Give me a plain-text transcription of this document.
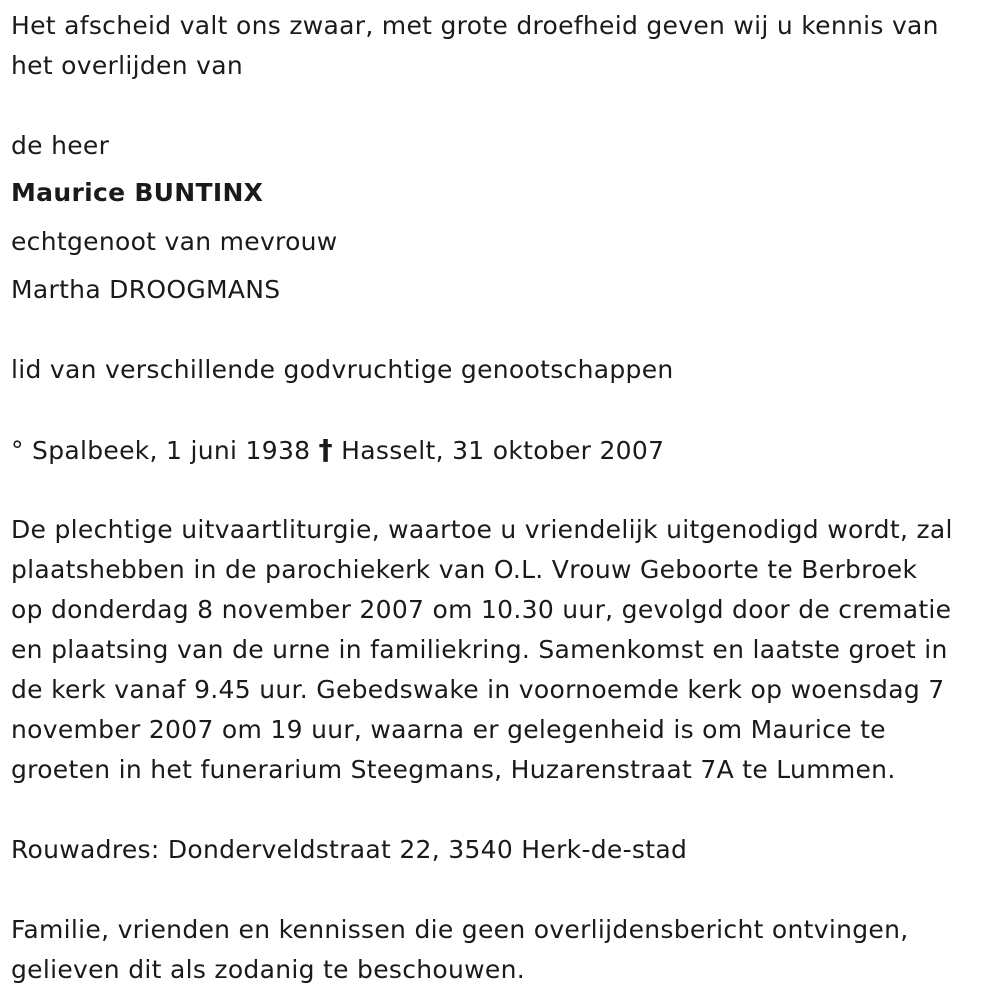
Het afscheid valt ons zwaar, met grote droefheid geven wij u kennis van
het overlijden van
de heer
Maurice BUNTINX
echtgenoot van mevrouw
Martha DROOGMANS
lid van verschillende godvruchtige genootschappen
° Spalbeek, 1 juni 1938 † Hasselt, 31 oktober 2007
De plechtige uitvaartliturgie, waartoe u vriendelijk uitgenodigd wordt, zal
plaatshebben in de parochiekerk van O.L. Vrouw Geboorte te Berbroek
op donderdag 8 november 2007 om 10.30 uur, gevolgd door de crematie
en plaatsing van de urne in familiekring. Samenkomst en laatste groet in
de kerk vanaf 9.45 uur. Gebedswake in voornoemde kerk op woensdag 7
november 2007 om 19 uur, waarna er gelegenheid is om Maurice te
groeten in het funerarium Steegmans, Huzarenstraat 7A te Lummen.
Rouwadres: Donderveldstraat 22, 3540 Herk-de-stad
Familie, vrienden en kennissen die geen overlijdensbericht ontvingen,
gelieven dit als zodanig te beschouwen.
